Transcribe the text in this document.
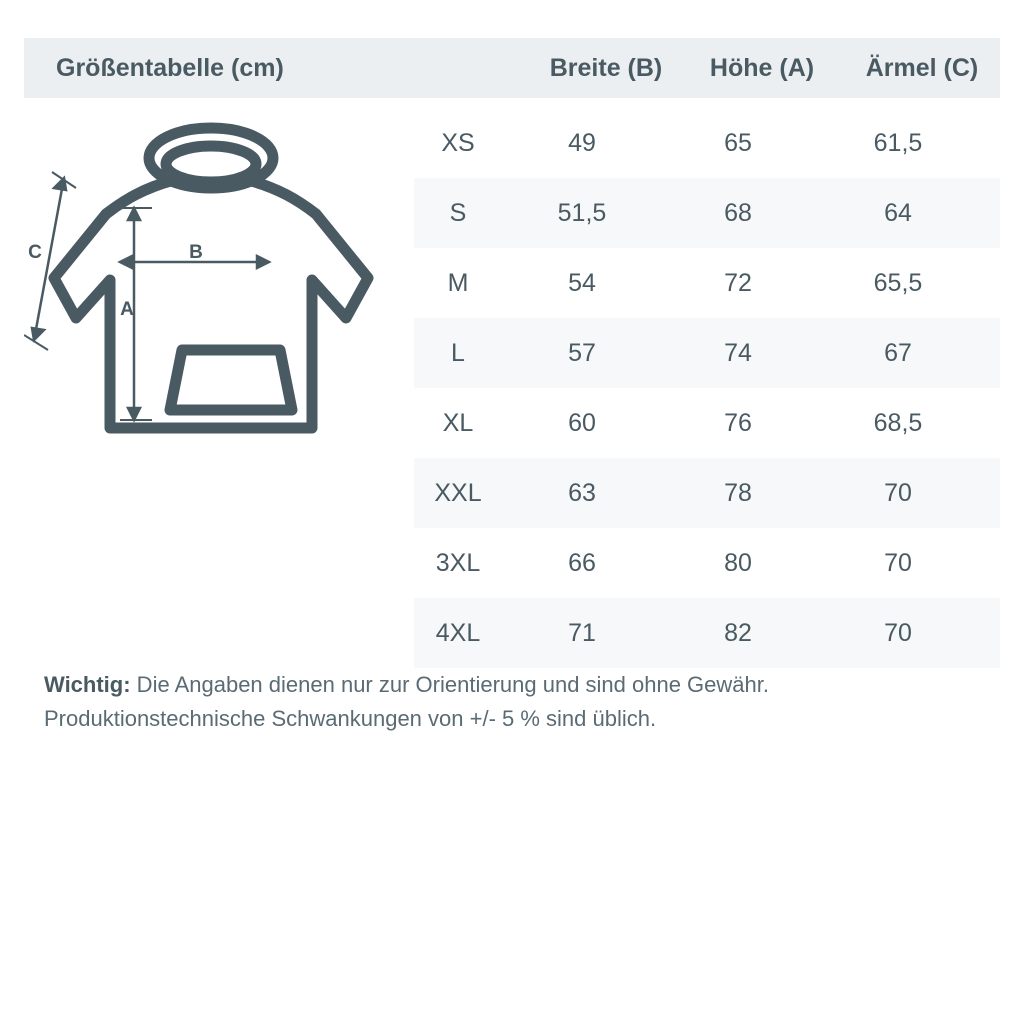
Größentabelle (cm)	Breite (B)	Höhe (A)	Ärmel (C)
B
A
C
XS	49	65	61,5
S	51,5	68	64
M	54	72	65,5
L	57	74	67
XL	60	76	68,5
XXL	63	78	70
3XL	66	80	70
4XL	71	82	70
Wichtig: Die Angaben dienen nur zur Orientierung und sind ohne Gewähr. Produktionstechnische Schwankungen von +/- 5 % sind üblich.
